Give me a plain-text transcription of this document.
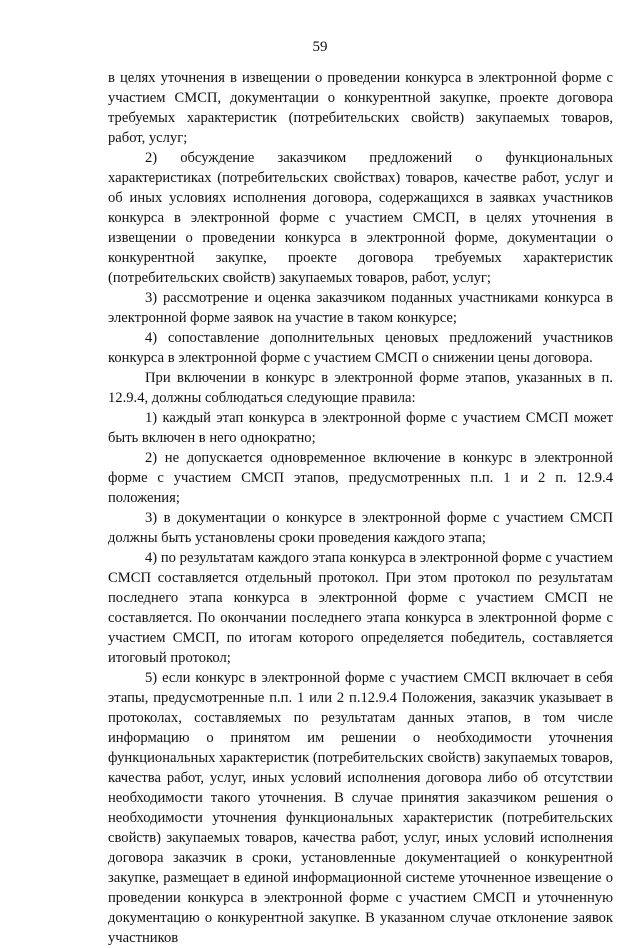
59

в целях уточнения в извещении о проведении конкурса в электронной форме с участием СМСП, документации о конкурентной закупке, проекте договора требуемых характеристик (потребительских свойств) закупаемых товаров, работ, услуг;

2) обсуждение заказчиком предложений о функциональных характеристиках (потребительских свойствах) товаров, качестве работ, услуг и об иных условиях исполнения договора, содержащихся в заявках участников конкурса в электронной форме с участием СМСП, в целях уточнения в извещении о проведении конкурса в электронной форме, документации о конкурентной закупке, проекте договора требуемых характеристик (потребительских свойств) закупаемых товаров, работ, услуг;

3) рассмотрение и оценка заказчиком поданных участниками конкурса в электронной форме заявок на участие в таком конкурсе;

4) сопоставление дополнительных ценовых предложений участников конкурса в электронной форме с участием СМСП о снижении цены договора.

При включении в конкурс в электронной форме этапов, указанных в п. 12.9.4, должны соблюдаться следующие правила:

1) каждый этап конкурса в электронной форме с участием СМСП может быть включен в него однократно;

2) не допускается одновременное включение в конкурс в электронной форме с участием СМСП этапов, предусмотренных п.п. 1 и 2 п. 12.9.4 положения;

3) в документации о конкурсе в электронной форме с участием СМСП должны быть установлены сроки проведения каждого этапа;

4) по результатам каждого этапа конкурса в электронной форме с участием СМСП составляется отдельный протокол. При этом протокол по результатам последнего этапа конкурса в электронной форме с участием СМСП не составляется. По окончании последнего этапа конкурса в электронной форме с участием СМСП, по итогам которого определяется победитель, составляется итоговый протокол;

5) если конкурс в электронной форме с участием СМСП включает в себя этапы, предусмотренные п.п. 1 или 2 п.12.9.4 Положения, заказчик указывает в протоколах, составляемых по результатам данных этапов, в том числе информацию о принятом им решении о необходимости уточнения функциональных характеристик (потребительских свойств) закупаемых товаров, качества работ, услуг, иных условий исполнения договора либо об отсутствии необходимости такого уточнения. В случае принятия заказчиком решения о необходимости уточнения функциональных характеристик (потребительских свойств) закупаемых товаров, качества работ, услуг, иных условий исполнения договора заказчик в сроки, установленные документацией о конкурентной закупке, размещает в единой информационной системе уточненное извещение о проведении конкурса в электронной форме с участием СМСП и уточненную документацию о конкурентной закупке. В указанном случае отклонение заявок участников
